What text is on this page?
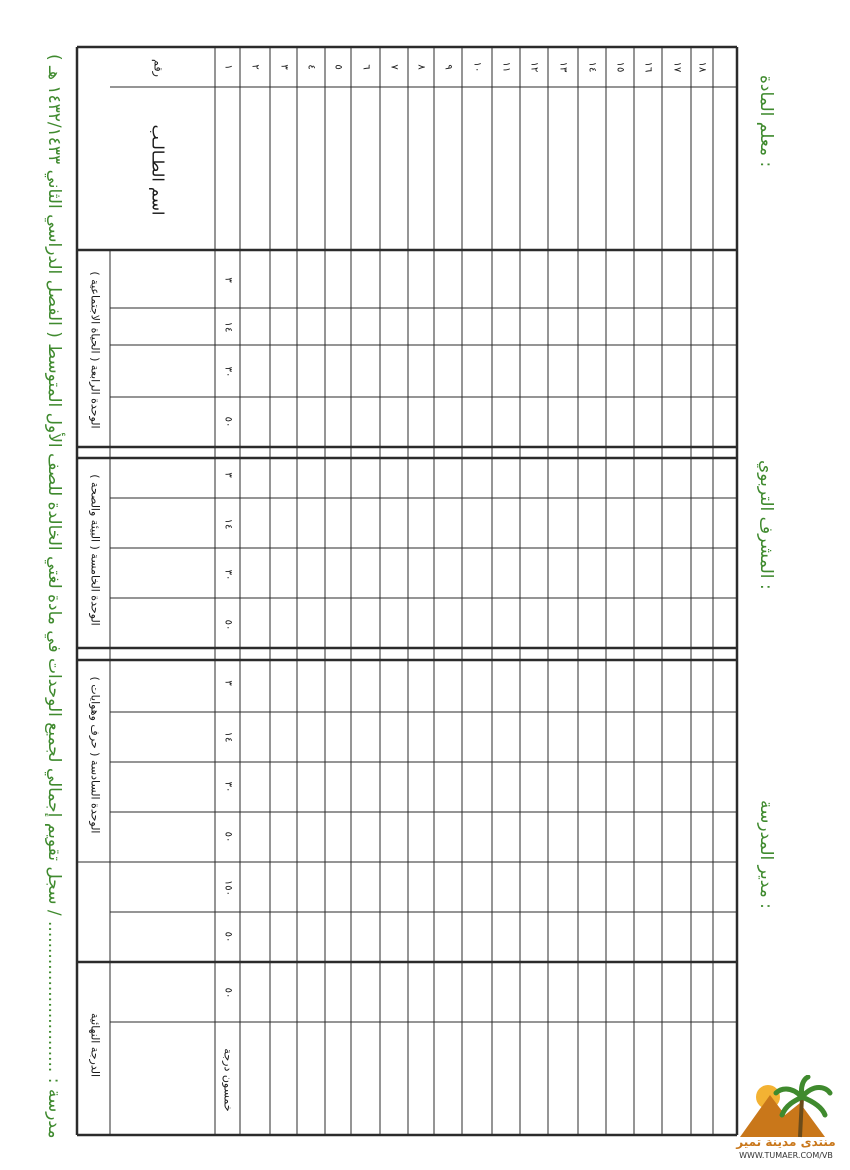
مدرسة : ............................ / سجل تقويم إجمالي لجميع الوحدات في مادة لغتي الخالدة للصف الأول المتوسط ( الفصل الدراسي الثاني ١٤٣٢/١٤٣٣ هـ )
رقم
اسم الطـالـب
الوحدة الرابعة ( الحياة الاجتماعية )
الوحدة الخامسة ( البيئة والصحة )
الوحدة السادسة ( حرف وهوايات )
الدرجة النهائية
خمسون درجة
٣
١٤
٣٠
٥٠
٣
١٤
٣٠
٥٠
٣
١٤
٣٠
٥٠
١٥٠
٥٠
٥٠
١ ٢ ٣ ٤ ٥ ٦ ٧ ٨ ٩ ١٠ ١١ ١٢ ١٣ ١٤ ١٥ ١٦ ١٧ ١٨
معلم المادة :
المشرف التربوي :
مدير المدرسة :
منتدى مدينة تمير
WWW.TUMAER.COM/VB
